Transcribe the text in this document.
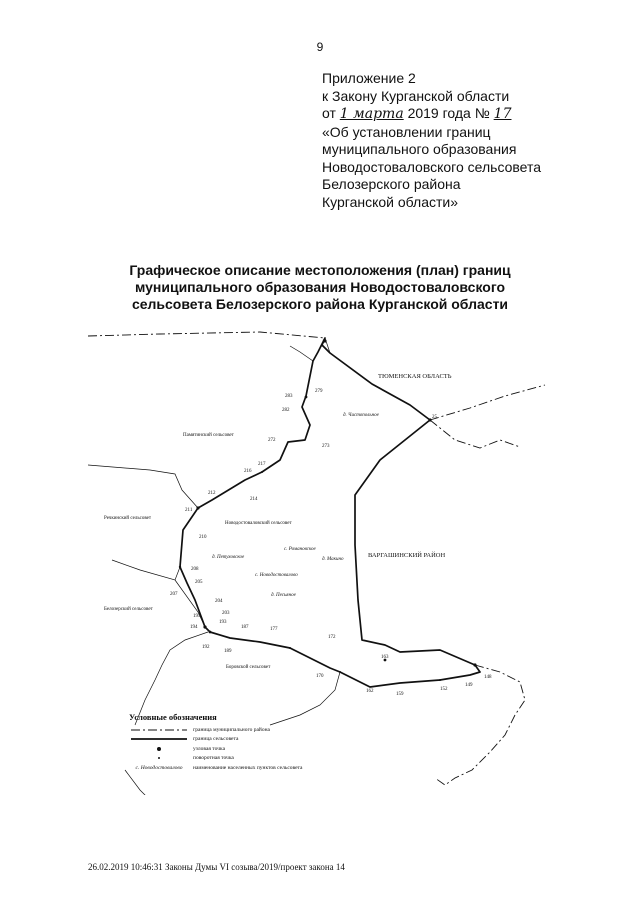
9
Приложение 2
к Закону Курганской области
от 1 марта 2019 года № 17
«Об установлении границ
муниципального образования
Новодостоваловского сельсовета
Белозерского района
Курганской области»
Графическое описание местоположения (план) границ
муниципального образования Новодостоваловского
сельсовета Белозерского района Курганской области
ТЮМЕНСКАЯ ОБЛАСТЬ
ВАРГАШИНСКИЙ РАЙОН
Памятинский сельсовет
Речкинский сельсовет
Новодостоваловский сельсовет
Белозерский сельсовет
Боровской сельсовет
д. Чистопольное
д. Петуховское
с. Романовское
д. Макино
с. Новодостовалово
д. Песьяное
1
279
283
282
25
272
273
217
216
214
212
211
210
208
205
207
204
203
195
193
194
192
189
187	177
172
170
163
162
159
152
149
148
Условные обозначения
граница муниципального района
граница сельсовета
узловая точка
поворотная точка
с. Новодостовалово наименование населенных пунктов сельсовета
26.02.2019 10:46:31 Законы Думы VI созыва/2019/проект закона 14
